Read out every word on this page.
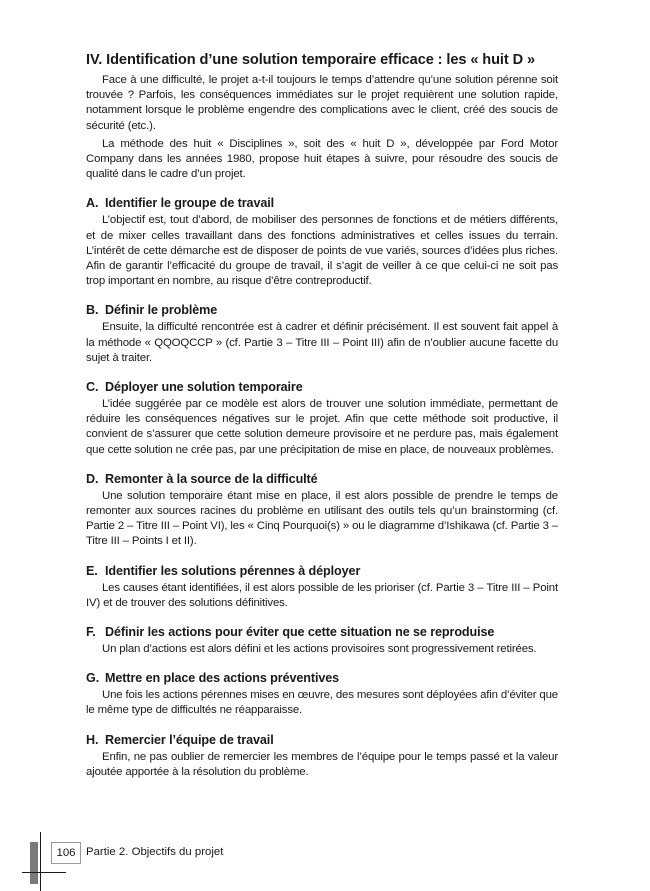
IV. Identification d’une solution temporaire efficace : les « huit D »

Face à une difficulté, le projet a-t-il toujours le temps d’attendre qu’une solution pérenne soit trouvée ? Parfois, les conséquences immédiates sur le projet requièrent une solution rapide, notamment lorsque le problème engendre des complications avec le client, créé des soucis de sécurité (etc.).

La méthode des huit « Disciplines », soit des « huit D », développée par Ford Motor Company dans les années 1980, propose huit étapes à suivre, pour résoudre des soucis de qualité dans le cadre d’un projet.

A. Identifier le groupe de travail

L’objectif est, tout d’abord, de mobiliser des personnes de fonctions et de métiers différents, et de mixer celles travaillant dans des fonctions administratives et celles issues du terrain. L’intérêt de cette démarche est de disposer de points de vue variés, sources d’idées plus riches. Afin de garantir l’efficacité du groupe de travail, il s’agit de veiller à ce que celui-ci ne soit pas trop important en nombre, au risque d’être contreproductif.

B. Définir le problème

Ensuite, la difficulté rencontrée est à cadrer et définir précisément. Il est souvent fait appel à la méthode « QQOQCCP » (cf. Partie 3 – Titre III – Point III) afin de n’oublier aucune facette du sujet à traiter.

C. Déployer une solution temporaire

L’idée suggérée par ce modèle est alors de trouver une solution immédiate, permettant de réduire les conséquences négatives sur le projet. Afin que cette méthode soit productive, il convient de s’assurer que cette solution demeure provisoire et ne perdure pas, mais également que cette solution ne crée pas, par une précipitation de mise en place, de nouveaux problèmes.

D. Remonter à la source de la difficulté

Une solution temporaire étant mise en place, il est alors possible de prendre le temps de remonter aux sources racines du problème en utilisant des outils tels qu’un brainstorming (cf. Partie 2 – Titre III – Point VI), les « Cinq Pourquoi(s) » ou le diagramme d’Ishikawa (cf. Partie 3 – Titre III – Points I et II).

E. Identifier les solutions pérennes à déployer

Les causes étant identifiées, il est alors possible de les prioriser (cf. Partie 3 – Titre III – Point IV) et de trouver des solutions définitives.

F. Définir les actions pour éviter que cette situation ne se reproduise

Un plan d’actions est alors défini et les actions provisoires sont progressivement retirées.

G. Mettre en place des actions préventives

Une fois les actions pérennes mises en œuvre, des mesures sont déployées afin d’éviter que le même type de difficultés ne réapparaisse.

H. Remercier l’équipe de travail

Enfin, ne pas oublier de remercier les membres de l’équipe pour le temps passé et la valeur ajoutée apportée à la résolution du problème.

106 Partie 2. Objectifs du projet
